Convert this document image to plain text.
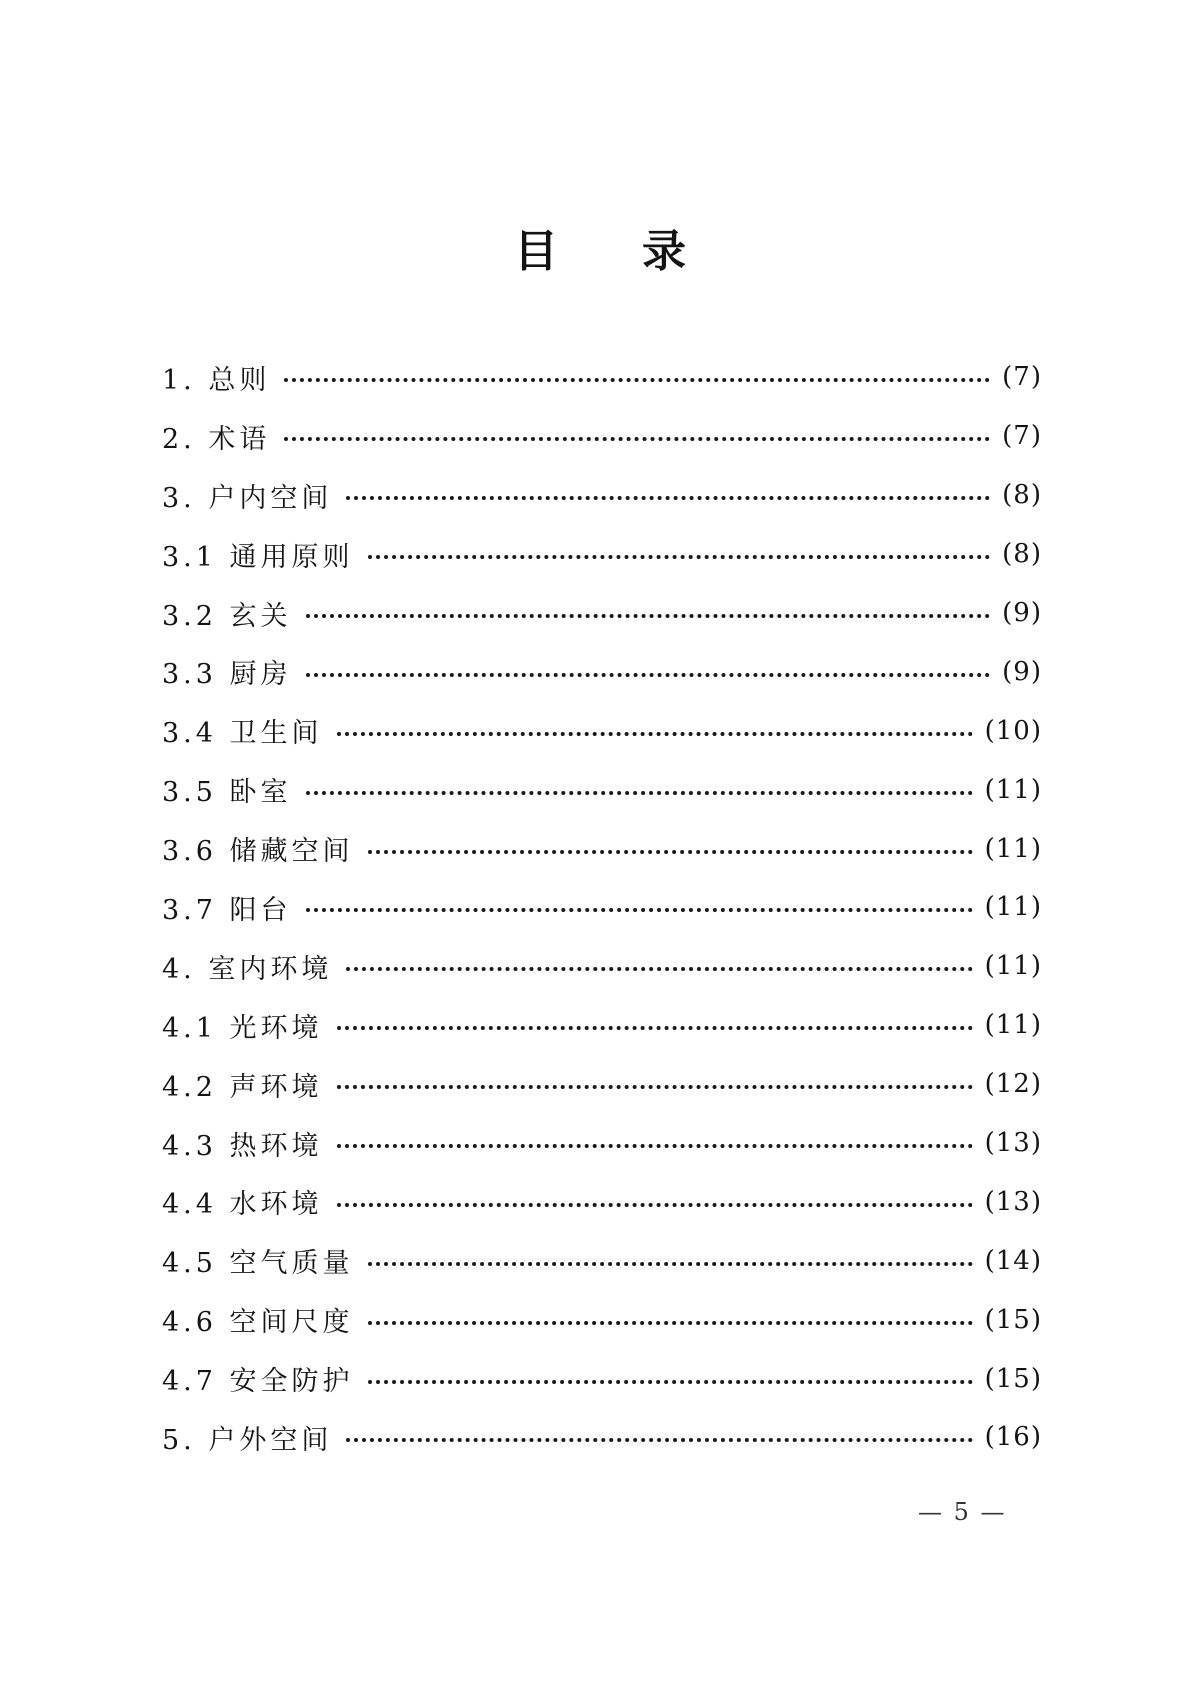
目 录
1. 总则	(7)
2. 术语	(7)
3. 户内空间	(8)
3.1 通用原则	(8)
3.2 玄关	(9)
3.3 厨房	(9)
3.4 卫生间	(10)
3.5 卧室	(11)
3.6 储藏空间	(11)
3.7 阳台	(11)
4. 室内环境	(11)
4.1 光环境	(11)
4.2 声环境	(12)
4.3 热环境	(13)
4.4 水环境	(13)
4.5 空气质量	(14)
4.6 空间尺度	(15)
4.7 安全防护	(15)
5. 户外空间	(16)
— 5 —
